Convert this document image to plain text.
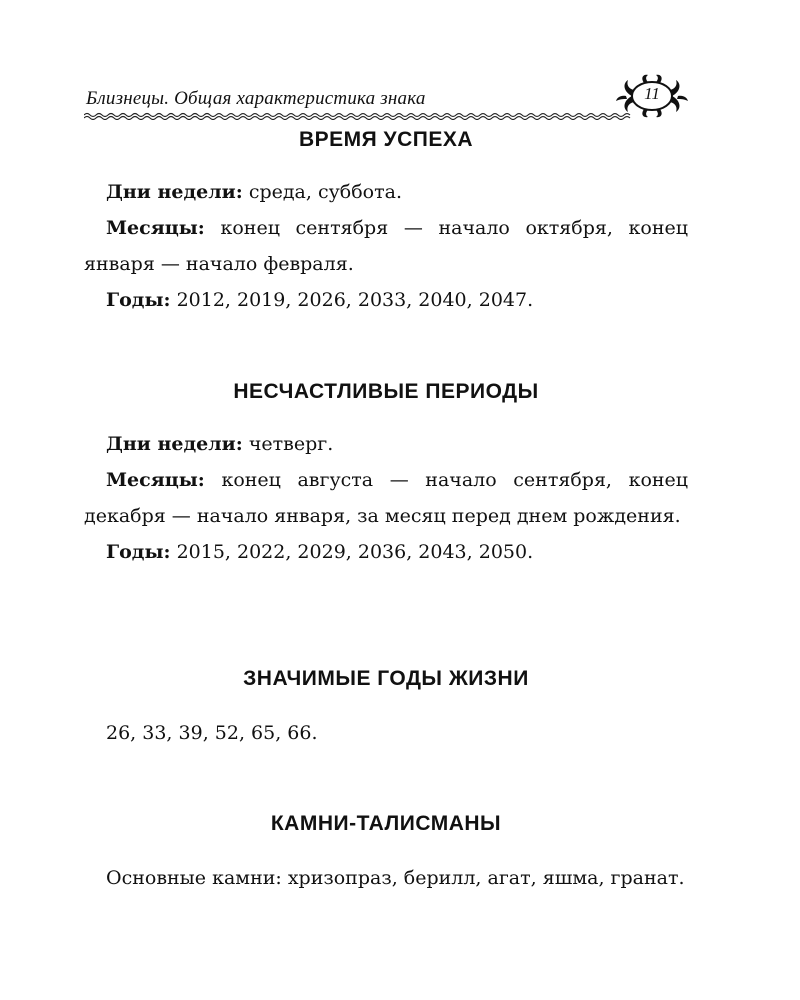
Близнецы. Общая характеристика знака	11
ВРЕМЯ УСПЕХА

Дни недели: среда, суббота.

Месяцы: конец сентября — начало октября, конец января — начало февраля.

Годы: 2012, 2019, 2026, 2033, 2040, 2047.

НЕСЧАСТЛИВЫЕ ПЕРИОДЫ

Дни недели: четверг.

Месяцы: конец августа — начало сентября, конец декабря — начало января, за месяц перед днем рождения.

Годы: 2015, 2022, 2029, 2036, 2043, 2050.

ЗНАЧИМЫЕ ГОДЫ ЖИЗНИ

26, 33, 39, 52, 65, 66.

КАМНИ-ТАЛИСМАНЫ

Основные камни: хризопраз, берилл, агат, яшма, гранат.
